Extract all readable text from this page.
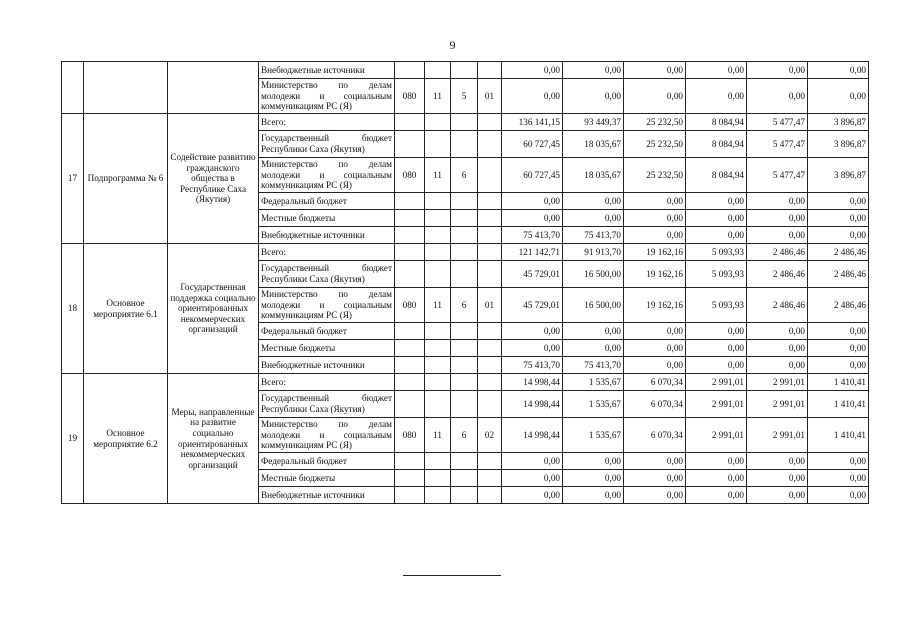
9
			Внебюджетные источники					0,00	0,00	0,00	0,00	0,00	0,00
			Министерство по делам молодежи и социальным коммуникациям РС (Я)	080	11	5	01	0,00	0,00	0,00	0,00	0,00	0,00
17	Подпрограмма № 6	Содействие развитию гражданского общества в Республике Саха (Якутия)	Всего:					136 141,15	93 449,37	25 232,50	8 084,94	5 477,47	3 896,87
			Государственный бюджет Республики Саха (Якутия)					60 727,45	18 035,67	25 232,50	8 084,94	5 477,47	3 896,87
			Министерство по делам молодежи и социальным коммуникациям РС (Я)	080	11	6		60 727,45	18 035,67	25 232,50	8 084,94	5 477,47	3 896,87
			Федеральный бюджет					0,00	0,00	0,00	0,00	0,00	0,00
			Местные бюджеты					0,00	0,00	0,00	0,00	0,00	0,00
			Внебюджетные источники					75 413,70	75 413,70	0,00	0,00	0,00	0,00
18	Основное мероприятие 6.1	Государственная поддержка социально ориентированных некоммерческих организаций	Всего:					121 142,71	91 913,70	19 162,16	5 093,93	2 486,46	2 486,46
			Государственный бюджет Республики Саха (Якутия)					45 729,01	16 500,00	19 162,16	5 093,93	2 486,46	2 486,46
			Министерство по делам молодежи и социальным коммуникациям РС (Я)	080	11	6	01	45 729,01	16 500,00	19 162,16	5 093,93	2 486,46	2 486,46
			Федеральный бюджет					0,00	0,00	0,00	0,00	0,00	0,00
			Местные бюджеты					0,00	0,00	0,00	0,00	0,00	0,00
			Внебюджетные источники					75 413,70	75 413,70	0,00	0,00	0,00	0,00
19	Основное мероприятие 6.2	Меры, направленные на развитие социально ориентированных некоммерческих организаций	Всего:					14 998,44	1 535,67	6 070,34	2 991,01	2 991,01	1 410,41
			Государственный бюджет Республики Саха (Якутия)					14 998,44	1 535,67	6 070,34	2 991,01	2 991,01	1 410,41
			Министерство по делам молодежи и социальным коммуникациям РС (Я)	080	11	6	02	14 998,44	1 535,67	6 070,34	2 991,01	2 991,01	1 410,41
			Федеральный бюджет					0,00	0,00	0,00	0,00	0,00	0,00
			Местные бюджеты					0,00	0,00	0,00	0,00	0,00	0,00
			Внебюджетные источники					0,00	0,00	0,00	0,00	0,00	0,00
